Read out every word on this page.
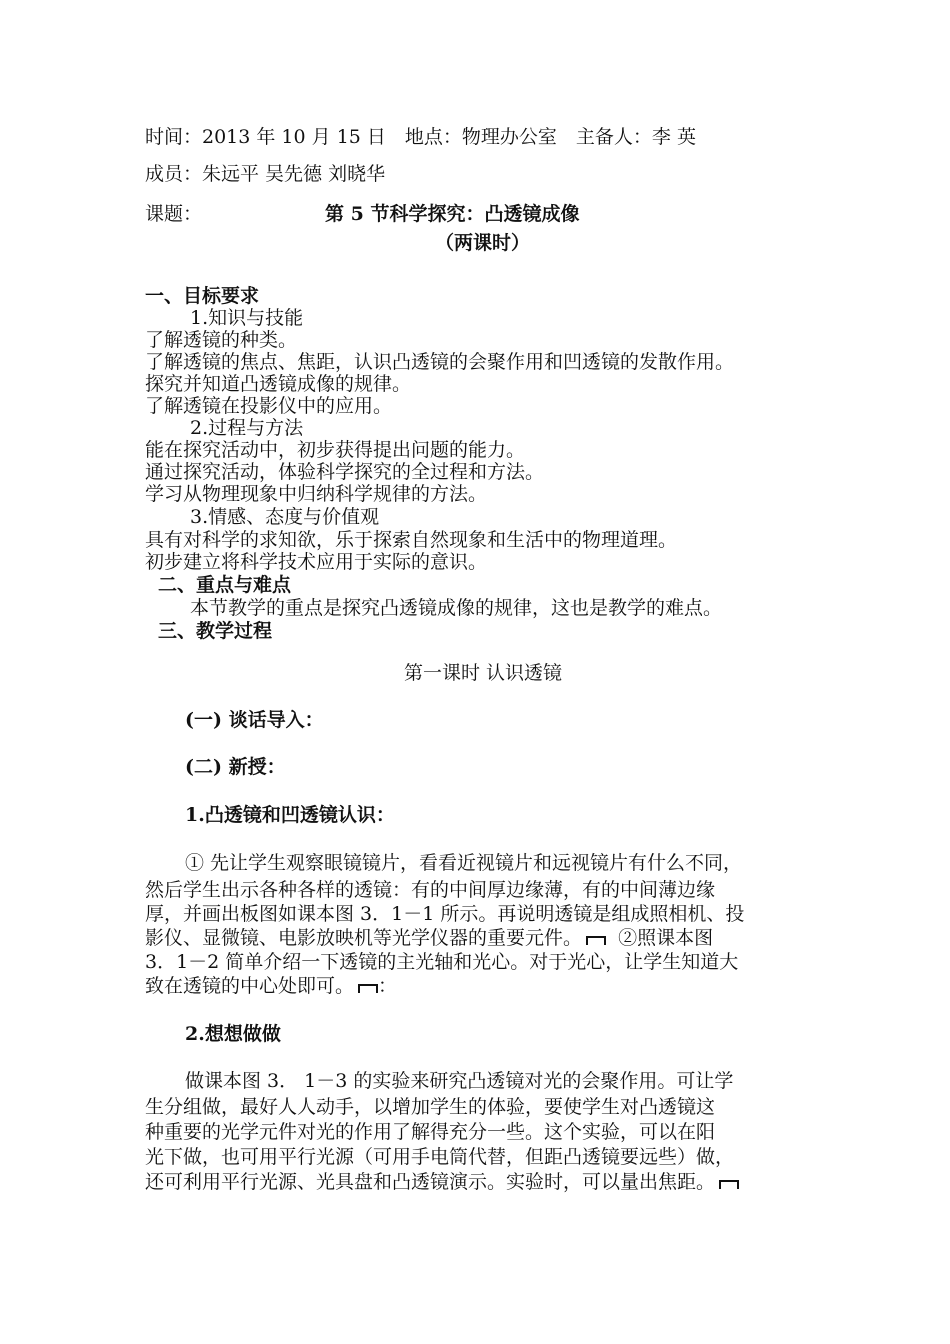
时间：2013 年 10 月 15 日　地点：物理办公室　主备人：李 英
成员：朱远平 吴先德 刘晓华
课题：	第 5 节科学探究：凸透镜成像
（两课时）
一、目标要求
1.知识与技能
了解透镜的种类。
了解透镜的焦点、焦距，认识凸透镜的会聚作用和凹透镜的发散作用。
探究并知道凸透镜成像的规律。
了解透镜在投影仪中的应用。
2.过程与方法
能在探究活动中，初步获得提出问题的能力。
通过探究活动，体验科学探究的全过程和方法。
学习从物理现象中归纳科学规律的方法。
3.情感、态度与价值观
具有对科学的求知欲，乐于探索自然现象和生活中的物理道理。
初步建立将科学技术应用于实际的意识。
二、重点与难点
本节教学的重点是探究凸透镜成像的规律，这也是教学的难点。
三、教学过程
第一课时 认识透镜
(一) 谈话导入：
(二) 新授：
1.凸透镜和凹透镜认识：
① 先让学生观察眼镜镜片，看看近视镜片和远视镜片有什么不同，
然后学生出示各种各样的透镜：有的中间厚边缘薄，有的中间薄边缘
厚，并画出板图如课本图 3．1－1 所示。再说明透镜是组成照相机、投
影仪、显微镜、电影放映机等光学仪器的重要元件。 ②照课本图
3．1－2 简单介绍一下透镜的主光轴和光心。对于光心，让学生知道大
致在透镜的中心处即可。 ：
2.想想做做
做课本图 3． 1－3 的实验来研究凸透镜对光的会聚作用。可让学
生分组做，最好人人动手，以增加学生的体验，要使学生对凸透镜这
种重要的光学元件对光的作用了解得充分一些。这个实验，可以在阳
光下做，也可用平行光源（可用手电筒代替，但距凸透镜要远些）做，
还可利用平行光源、光具盘和凸透镜演示。实验时，可以量出焦距。
